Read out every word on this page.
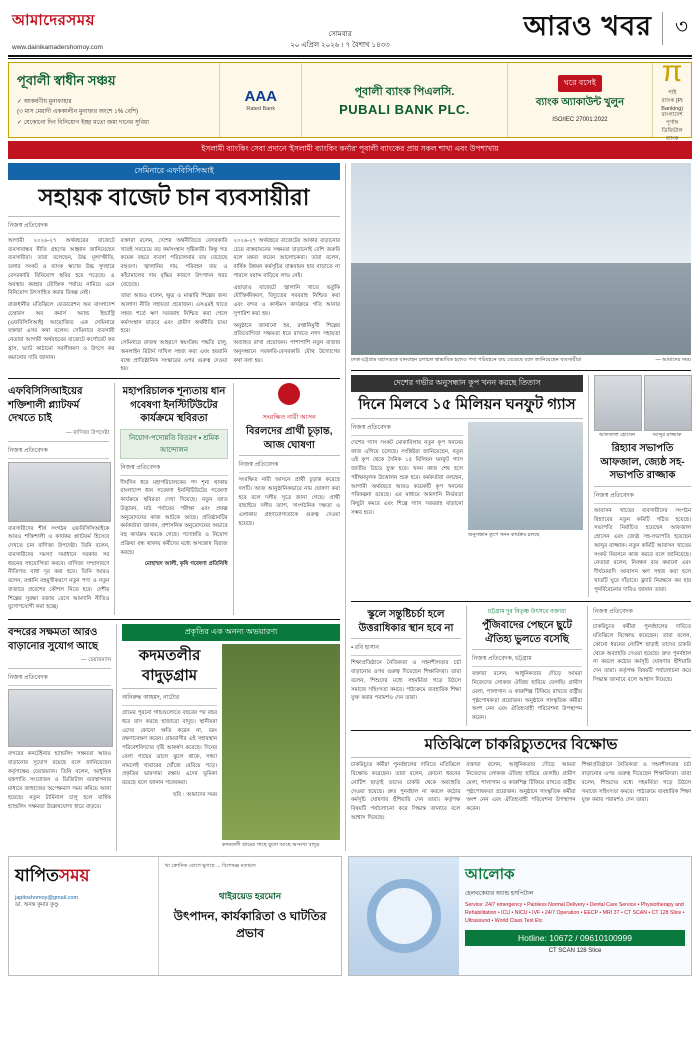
আমাদেরসময়
www.dainikamadershomoy.com
সোমবার
২০ এপ্রিল ২০২৬ । ৭ বৈশাখ ১৪৩৩
আরও খবর	৩
পূবালী স্বাধীন সঞ্চয়

✓ আকর্ষণীয় মুনাফাহার

(৩ মাস মেয়াদী এককালীন মুনাফার অংশে ১% বেশি)

✓ যেকোনো দিন বিনিয়োগ ইচ্ছা মতো জমা দানের সুবিধা

AAA
Rated Bank
পূবালী ব্যাংক পিএলসি.
PUBALI BANK PLC.
ঘরে বসেই
ব্যাংক অ্যাকাউন্ট খুলুন
ISO/IEC 27001:2022
π
পাই ব্যাংক (PI Banking) বাংলাদেশ পূর্ণাঙ্গ ডিজিটাল ব্যাংক
ইসলামী ব্যাংকিং সেবা প্রদানে 'ইসলামী ব্যাংকিং কর্নার' পূবালী ব্যাংকের প্রায় সকল শাখা এবং উপশাখায়
সেমিনারে এফবিসিসিআই
সহায়ক বাজেট চান ব্যবসায়ীরা
নিজস্ব প্রতিবেদক

আগামী ২০২৬-২৭ অর্থবছরের বাজেটে ব্যবসাবান্ধব নীতি গ্রহণের আহ্বান জানিয়েছেন ব্যবসায়ীরা। তারা বলেছেন, উচ্চ মূল্যস্ফীতি, ডলার সংকট ও ব্যাংক ঋণের উচ্চ সুদহারে বেসরকারি বিনিয়োগ স্থবির হয়ে পড়েছে। এ অবস্থায় করহার যৌক্তিক পর্যায়ে নামিয়ে এনে বিনিয়োগ উৎসাহিত করার বিকল্প নেই।

রাজধানীর মতিঝিলে ফেডারেশন অব বাংলাদেশ চেম্বারস অব কমার্স অ্যান্ড ইন্ডাস্ট্রি (এফবিসিসিআই) আয়োজিত এক সেমিনারে বক্তারা এসব কথা বলেন। সেমিনারে ব্যবসায়ী নেতারা আগামী অর্থবছরের বাজেটে কর্পোরেট কর হ্রাস, ভ্যাট কাঠামো সরলীকরণ ও উৎসে কর কমানোর দাবি জানান।

বক্তারা বলেন, দেশের অর্থনীতিতে বেসরকারি খাতই সবচেয়ে বড় কর্মসংস্থান সৃষ্টিকারী। কিন্তু গত কয়েক বছরে ব্যবসা পরিচালনার ব্যয় বেড়েছে বহুগুণ। জ্বালানির দাম, পরিবহন ব্যয় ও কাঁচামালের দাম বৃদ্ধির কারণে উৎপাদন খরচ বেড়েছে।

তারা আরও বলেন, ক্ষুদ্র ও মাঝারি শিল্পের জন্য আলাদা নীতি সহায়তা প্রয়োজন। এসএমই খাতে সহজ শর্তে ঋণ সরবরাহ নিশ্চিত করা গেলে কর্মসংস্থান বাড়বে এবং গ্রামীণ অর্থনীতি চাঙা হবে।

সেমিনারে রাজস্ব আহরণে স্বয়ংক্রিয় পদ্ধতি চালু, অনলাইন রিটার্ন দাখিল সহজ করা এবং হয়রানি বন্ধে প্রাতিষ্ঠানিক সংস্কারের ওপর গুরুত্ব দেওয়া হয়।

২০২৬-২৭ অর্থবছরে বাজেটের আকার বাড়ানোর চেয়ে বাস্তবায়নের সক্ষমতা বাড়ানোই বেশি জরুরি বলে মন্তব্য করেন আলোচকরা। তারা বলেন, বার্ষিক উন্নয়ন কর্মসূচির বাস্তবায়ন হার বাড়াতে না পারলে বরাদ্দ বাড়িয়ে লাভ নেই।

এছাড়াও বাজেটে জ্বালানি খাতে ভর্তুকি যৌক্তিকীকরণ, বিদ্যুতের সরবরাহ নিশ্চিত করা এবং বন্দর ও কাস্টমস কার্যক্রমে গতি আনার সুপারিশ করা হয়।

অনুষ্ঠানে জানানো হয়, রপ্তানিমুখী শিল্পের প্রতিযোগিতা সক্ষমতা ধরে রাখতে নগদ সহায়তা অব্যাহত রাখা প্রয়োজন। পাশাপাশি নতুন বাজার অনুসন্ধানে সরকারি-বেসরকারি যৌথ উদ্যোগের কথা বলা হয়।

এফবিসিসিআইয়ের শক্তিশালী প্ল্যাটফর্ম দেখতে চাই
— বাণিজ্য উপদেষ্টা
নিজস্ব প্রতিবেদক

ব্যবসায়ীদের শীর্ষ সংগঠন এফবিসিসিআইকে আরও শক্তিশালী ও কার্যকর প্ল্যাটফর্ম হিসেবে দেখতে চান বাণিজ্য উপদেষ্টা। তিনি বলেন, ব্যবসায়ীদের সমস্যা সমাধানে সরকার সব ধরনের সহযোগিতা করবে। বাণিজ্য সম্প্রসারণে নীতিগত বাধা দূর করা হবে। তিনি আরও বলেন, রপ্তানি বহুমুখীকরণে নতুন পণ্য ও নতুন বাজারে প্রবেশের কৌশল নিতে হবে। দেশীয় শিল্পের সুরক্ষা বজায় রেখে আমদানি নীতিও যুগোপযোগী করা হচ্ছে।

মহাপরিচালক শূন্যতায় ধান গবেষণা ইনস্টিটিউটের কার্যক্রমে স্থবিরতা
নিয়োগ-পদোন্নতি বিতরণ ▪ শ্রমিক আন্দোলন
নিজস্ব প্রতিবেদক

দীর্ঘদিন ধরে মহাপরিচালকের পদ শূন্য থাকায় বাংলাদেশ ধান গবেষণা ইনস্টিটিউটের গবেষণা কার্যক্রমে স্থবিরতা দেখা দিয়েছে। নতুন জাত উদ্ভাবন, মাঠ পর্যায়ের পরীক্ষা এবং প্রকল্প অনুমোদনের কাজ আটকে আছে। প্রতিষ্ঠানটির কর্মকর্তারা জানান, প্রশাসনিক অনুমোদনের অভাবে বহু কার্যক্রম থমকে গেছে। পদোন্নতি ও নিয়োগ প্রক্রিয়া বন্ধ থাকায় কর্মীদের মধ্যে অসন্তোষ বিরাজ করছে।

মোহাম্মদ আলী, কৃষি গবেষণা প্রতিনিধি

সংরক্ষিত নারী আসন
বিরলদের প্রার্থী চূড়ান্ত, আজ ঘোষণা
নিজস্ব প্রতিবেদক

সংরক্ষিত নারী আসনে প্রার্থী চূড়ান্ত করেছে দলটি। আজ আনুষ্ঠানিকভাবে নাম ঘোষণা করা হবে বলে দলীয় সূত্রে জানা গেছে। প্রার্থী বাছাইয়ে দলীয় ত্যাগ, সাংগঠনিক দক্ষতা ও এলাকায় গ্রহণযোগ্যতাকে গুরুত্ব দেওয়া হয়েছে।

বন্দরের সক্ষমতা আরও বাড়ানোর সুযোগ আছে
— চেয়ারম্যান
নিজস্ব প্রতিবেদক

বন্দরের কনটেইনার হ্যান্ডলিং সক্ষমতা আরও বাড়ানোর সুযোগ রয়েছে বলে জানিয়েছেন কর্তৃপক্ষের চেয়ারম্যান। তিনি বলেন, আধুনিক যন্ত্রপাতি সংযোজন ও ডিজিটাল ব্যবস্থাপনার মাধ্যমে জাহাজের অপেক্ষমাণ সময় কমিয়ে আনা হয়েছে। নতুন টার্মিনাল চালু হলে বার্ষিক হ্যান্ডলিং সক্ষমতা উল্লেখযোগ্য হারে বাড়বে।

প্রকৃতির এক অনন্য অভয়ারণ্য
কদমতলীর বাদুড়গ্রাম
অনিরুদ্ধ আহমদ, নাটোর

গ্রামের পুরনো গাছগুলোতে বছরের পর বছর ধরে বাস করছে হাজারো বাদুড়। স্থানীয়রা এদের কোনো ক্ষতি করেন না, বরং রক্ষণাবেক্ষণ করেন। গ্রামবাসীর এই সহাবস্থান পরিবেশবিদদের দৃষ্টি আকর্ষণ করেছে। দিনের বেলা গাছের ডালে ঝুলে থাকে, সন্ধ্যা নামলেই খাবারের খোঁজে বেরিয়ে পড়ে। প্রকৃতির ভারসাম্য রক্ষায় এদের ভূমিকা রয়েছে বলে জানান গবেষকরা।

ছবি : আমাদের সময়

কদমতলী গ্রামের গাছে ঝুলে আছে অসংখ্য বাদুড়
ঢাকা-চট্টগ্রাম মহাসড়কে যানবাহন চলাচল স্বাভাবিক হলেও পণ্য পরিবহনে ব্যয় বেড়েছে বলে জানিয়েছেন ব্যবসায়ীরা	— আমাদের সময়
দেশের গভীর অনুসন্ধান কূপ খনন করছে তিতাস
দিনে মিলবে ১৫ মিলিয়ন ঘনফুট গ্যাস
নিজস্ব প্রতিবেদক

দেশের গ্যাস সংকট মোকাবিলায় নতুন কূপ খননের কাজ এগিয়ে চলেছে। সংশ্লিষ্টরা জানিয়েছেন, নতুন এই কূপ থেকে দৈনিক ১৫ মিলিয়ন ঘনফুট গ্যাস জাতীয় গ্রিডে যুক্ত হবে। খনন কাজ শেষ হলে পরীক্ষামূলক উত্তোলন শুরু হবে। কর্মকর্তারা বলছেন, আগামী অর্থবছরে আরও কয়েকটি কূপ খননের পরিকল্পনা রয়েছে। এর মাধ্যমে আমদানি নির্ভরতা কিছুটা কমবে এবং শিল্পে গ্যাস সরবরাহ বাড়ানো সম্ভব হবে।

অনুসন্ধান কূপে খনন কার্যক্রম চলছে
আফজাল হোসেন	আব্দুর রাজ্জাক
রিহ্যাব সভাপতি আফজাল, জ্যেষ্ঠ সহ-সভাপতি রাজ্জাক
নিজস্ব প্রতিবেদক

আবাসন খাতের ব্যবসায়ীদের সংগঠন রিহ্যাবের নতুন কমিটি গঠিত হয়েছে। সভাপতি নির্বাচিত হয়েছেন আফজাল হোসেন এবং জ্যেষ্ঠ সহ-সভাপতি হয়েছেন আব্দুর রাজ্জাক। নতুন কমিটি আবাসন খাতের সংকট নিরসনে কাজ করবে বলে জানিয়েছে। নেতারা বলেন, নিবন্ধন ব্যয় কমানো এবং দীর্ঘমেয়াদি আবাসন ঋণ সহজ করা হলে খাতটি ঘুরে দাঁড়াবে। ফ্ল্যাট নিবন্ধনে কর হার পুনর্বিবেচনার দাবিও জানান তারা।

স্কুলে সন্তুষ্টিচর্চা হলে উত্তরাধিকার স্থান হবে না
▪ রবি হাসান

শিক্ষাপ্রতিষ্ঠানে নৈতিকতা ও সহনশীলতার চর্চা বাড়ানোর ওপর গুরুত্ব দিয়েছেন শিক্ষাবিদরা। তারা বলেন, শিশুদের মধ্যে সহমর্মিতা গড়ে উঠলে সমাজে সহিংসতা কমবে। পাঠ্যক্রমে ব্যবহারিক শিক্ষা যুক্ত করার পরামর্শও দেন তারা।

চট্টগ্রাম দুর বিতৃষ্ণ উৎসবে বক্তারা
পুঁজিবাদের পেছনে ছুটে ঐতিহ্য ভুলতে বসেছি
নিজস্ব প্রতিবেদক, চট্টগ্রাম

বক্তারা বলেন, আধুনিকতার দৌড়ে আমরা নিজেদের লোকজ ঐতিহ্য হারিয়ে ফেলছি। গ্রামীণ মেলা, পালাগান ও কারুশিল্প টিকিয়ে রাখতে রাষ্ট্রীয় পৃষ্ঠপোষকতা প্রয়োজন। অনুষ্ঠানে সাংস্কৃতিক কর্মীরা অংশ নেন এবং ঐতিহ্যবাহী পরিবেশনা উপস্থাপন করেন।

নিজস্ব প্রতিবেদক

চাকরিচ্যুত কর্মীরা পুনর্বহালের দাবিতে মতিঝিলে বিক্ষোভ করেছেন। তারা বলেন, কোনো ধরনের নোটিশ ছাড়াই তাদের চাকরি থেকে অব্যাহতি দেওয়া হয়েছে। দ্রুত পুনর্বহাল না করলে কঠোর কর্মসূচি ঘোষণার হুঁশিয়ারি দেন তারা। কর্তৃপক্ষ বিষয়টি পর্যালোচনা করে সিদ্ধান্ত জানাবে বলে আশ্বাস দিয়েছে।

মতিঝিলে চাকরিচ্যুতদের বিক্ষোভ

চাকরিচ্যুত কর্মীরা পুনর্বহালের দাবিতে মতিঝিলে বিক্ষোভ করেছেন। তারা বলেন, কোনো ধরনের নোটিশ ছাড়াই তাদের চাকরি থেকে অব্যাহতি দেওয়া হয়েছে। দ্রুত পুনর্বহাল না করলে কঠোর কর্মসূচি ঘোষণার হুঁশিয়ারি দেন তারা। কর্তৃপক্ষ বিষয়টি পর্যালোচনা করে সিদ্ধান্ত জানাবে বলে আশ্বাস দিয়েছে।

বক্তারা বলেন, আধুনিকতার দৌড়ে আমরা নিজেদের লোকজ ঐতিহ্য হারিয়ে ফেলছি। গ্রামীণ মেলা, পালাগান ও কারুশিল্প টিকিয়ে রাখতে রাষ্ট্রীয় পৃষ্ঠপোষকতা প্রয়োজন। অনুষ্ঠানে সাংস্কৃতিক কর্মীরা অংশ নেন এবং ঐতিহ্যবাহী পরিবেশনা উপস্থাপন করেন।

শিক্ষাপ্রতিষ্ঠানে নৈতিকতা ও সহনশীলতার চর্চা বাড়ানোর ওপর গুরুত্ব দিয়েছেন শিক্ষাবিদরা। তারা বলেন, শিশুদের মধ্যে সহমর্মিতা গড়ে উঠলে সমাজে সহিংসতা কমবে। পাঠ্যক্রমে ব্যবহারিক শিক্ষা যুক্ত করার পরামর্শও দেন তারা।

যাপিতসময়
japitoshomoy@gmail.com
ডা. অনন্ত কুমার কুণ্ডু
থা ক্রোনিক রোগে ভুগছে ... বিশেষজ্ঞ মতামত
থাইরয়েড হরমোন
উৎপাদন, কার্যকারিতা ও ঘাটতির প্রভাব
আলোক
হেলথকেয়ার অ্যান্ড হসপিটাল
Service: 24/7 emergency • Painless Normal Delivery • Dental Care Service • Physiotherapy and Rehabilitation • ICU • NICU • IVF • 24/7 Operation • EECP • MRI 3T • CT SCAN • CT 128 Slice • Ultrasound • World Class Test Etc
Hotline: 10672 / 09610100999
CT SCAN 128 Slice
